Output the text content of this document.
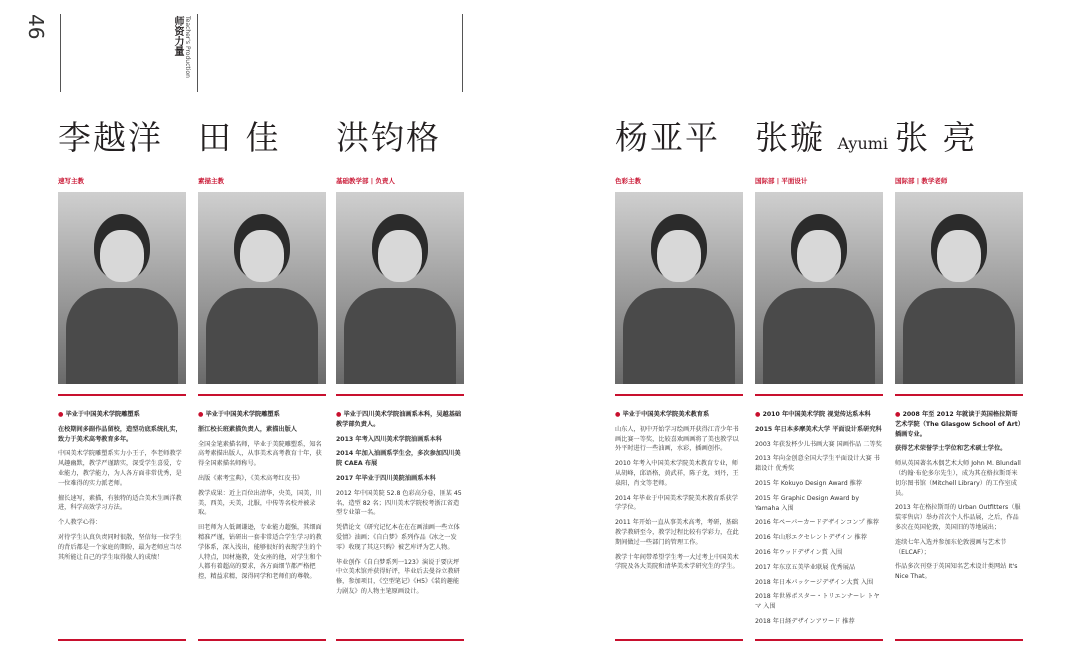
46	师资力量 Teacher's Production
李越洋
速写主教

● 毕业于中国美术学院雕塑系

在校期间多副作品留校，造型功底系统扎实，致力于美术高考教育多年。

中国美术学院雕塑系实力小王子，李老师教学风趣幽默，教学严谨踏实，深受学生喜爱，专业能力，教学能力，为人各方面非常优秀，是一位难得的实力派老师。

擅长速写，素描，有独特的适合美术生画洋教进，科学高效学习方法。

个人教学心得：

对待学生认真负责同时很散，坚信每一位学生的背后都是一个家庭的期盼，最为老师应当尽其所能让自己的学生取得傲人的成绩！

田 佳
素描主教

● 毕业于中国美术学院雕塑系

浙江校长班素描负责人，素描出版人

全国金笔素描名师，毕业于美院雕塑系，知名高考素描出版人，从事美术高考教育十年，获得全国素描名师称号。

出版《素考宝典》，《美术高考红皮书》

教学成果：近上百位出清华，央美，国美，川美，西美，天美，北服，中传等名校并被录取。

田老师为人低调谦逊，专业能力超强，其细面精准严谨，钻研出一套非常适合学生学习的教学体系，深入浅出，能够很好的表现学生的个人特点，因材施教，处女座的他，对学生和个人都有着超高的要求，各方面细节都严格把控，精益求精，深得同学和老师们的尊敬。

洪钧格
基础教学部 | 负责人

● 毕业于四川美术学院油画系本科，吴越基础教学部负责人。

2013 年考入四川美术学院油画系本科

2014 年加入油画系学生会，多次参加四川美院 CAEA 布展

2017 年毕业于四川美院油画系本科

2012 年中国美院 52.8 色彩高分卷，匪某 45 名，造型 82 名；四川美术学院校考浙江省造型专业第一名。

凭借论文《研究记忆本在在在画油画一些立体爱情》油画；《自白梦》系列作品《冰之一发零》收现了其这只购》被艺库评为艺人物。

毕业创作《自白梦系列一123》演说于要庆坪中立美术馆并获得好评，毕业后去曼谷立教研修，参加项目，《空型笔记》《H5》《装的趣能力剧友》的人物主笔原画设计。

杨亚平
色彩主教

● 毕业于中国美术学院美术教育系

山东人，初中开始学习绘画开获得江青少年书画比赛一等奖，比较喜欢画画将了美也教学以外平时进行一些油画，水彩，插画创作。

2010 年考入中国美术学院美术教育专业，师从胡峰，邱语格，黄武祥，陈子龙，刘丹，王泉阳，肖文等老师。

2014 年毕业于中国美术学院美术教育系获学学学位。

2011 年开始一直从事美术高考，考研，基础教学教研至今，教学过程比较有学彩力，在此期间做过一些部门的管理工作。

教学十年间带希望学生考一大过考上中国美术学院及各大美院和清华美术学研究生的学生。

张璇 Ayumi
国际部 | 平面设计

● 2010 年中国美术学院 视觉传达系本科

2015 年日本多摩美术大学 平面设计系研究科

2003 年获发杯少儿书画大赛 国画作品 二等奖

2013 年向金创意全国大学生平面设计大赛 书籍设计 优秀奖

2015 年 Kokuyo Design Award 推荐

2015 年 Graphic Design Award by Yamaha 入围

2016 年ペーパーカードデザインコンプ 推荐

2016 年山形エクセレントデザイン 推荐

2016 年ウッドデザイン賞 入围

2017 年东京五美毕业联展 优秀展品

2018 年日本パッケージデザイン大賞 入围

2018 年世界ポスター・トリエンナーレ トヤマ 入围

2018 年日経デザインアワード 推荐

张 亮
国际部 | 教学老师

● 2008 年至 2012 年就读于英国格拉斯哥艺术学院（The Glasgow School of Art）插画专业。

获得艺术荣誉学士学位和艺术硕士学位。

师从英国著名木偶艺术大师 John M. Blundall（约翰·布伦多尔先生），成为其在格拉斯哥米切尔图书馆（Mitchell Library）的工作室成员。

2013 年在格拉斯哥的 Urban Outfitters（服装零售店）举办首次个人作品展，之后，作品多次在英国伦敦，美国旧的等地展出；

连续七年入选并参加东伦敦漫画与艺术节（ELCAF）；

作品多次刊登于英国知名艺术设计类网站 It's Nice That。
